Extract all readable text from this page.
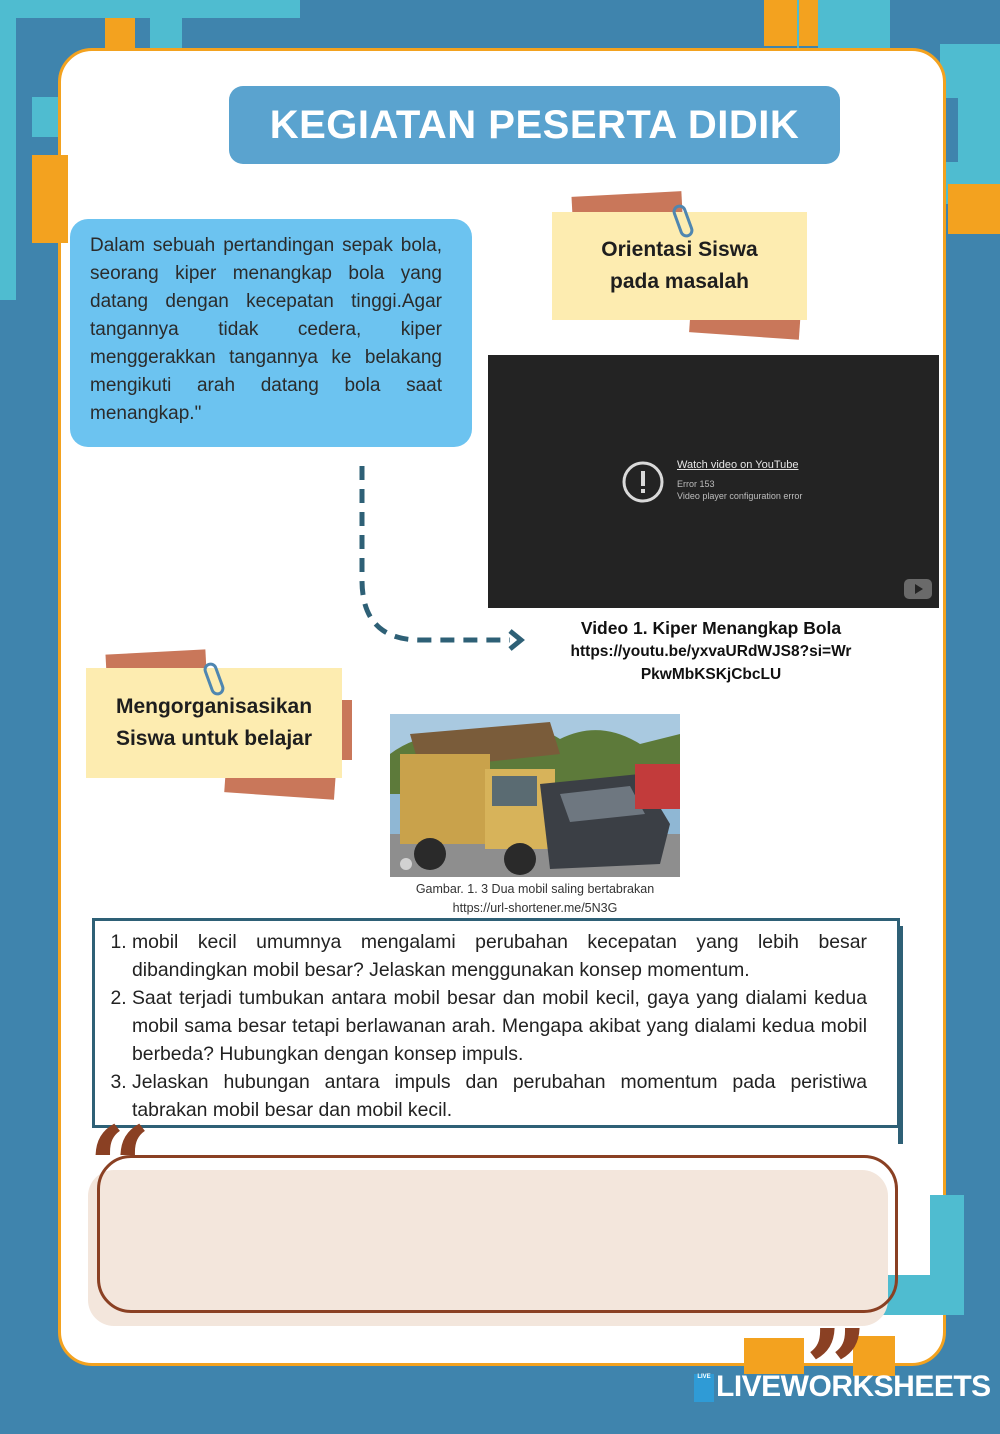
KEGIATAN PESERTA DIDIK
Dalam sebuah pertandingan sepak bola, seorang kiper menangkap bola yang datang dengan kecepatan tinggi.Agar tangannya tidak cedera, kiper menggerakkan tangannya ke belakang mengikuti arah datang bola saat menangkap."
Orientasi Siswa pada masalah
Watch video on YouTube
Error 153
Video player configuration error
Video 1. Kiper Menangkap Bola
https://youtu.be/yxvaURdWJS8?si=WrPkwMbKSKjCbcLU
Mengorganisasikan Siswa untuk belajar
Gambar. 1. 3 Dua mobil saling bertabrakan
https://url-shortener.me/5N3G
1. mobil kecil umumnya mengalami perubahan kecepatan yang lebih besar dibandingkan mobil besar? Jelaskan menggunakan konsep momentum.
2. Saat terjadi tumbukan antara mobil besar dan mobil kecil, gaya yang dialami kedua mobil sama besar tetapi berlawanan arah. Mengapa akibat yang dialami kedua mobil berbeda? Hubungkan dengan konsep impuls.
3. Jelaskan hubungan antara impuls dan perubahan momentum pada peristiwa tabrakan mobil besar dan mobil kecil.
“
”
LIVE LIVEWORKSHEETS
